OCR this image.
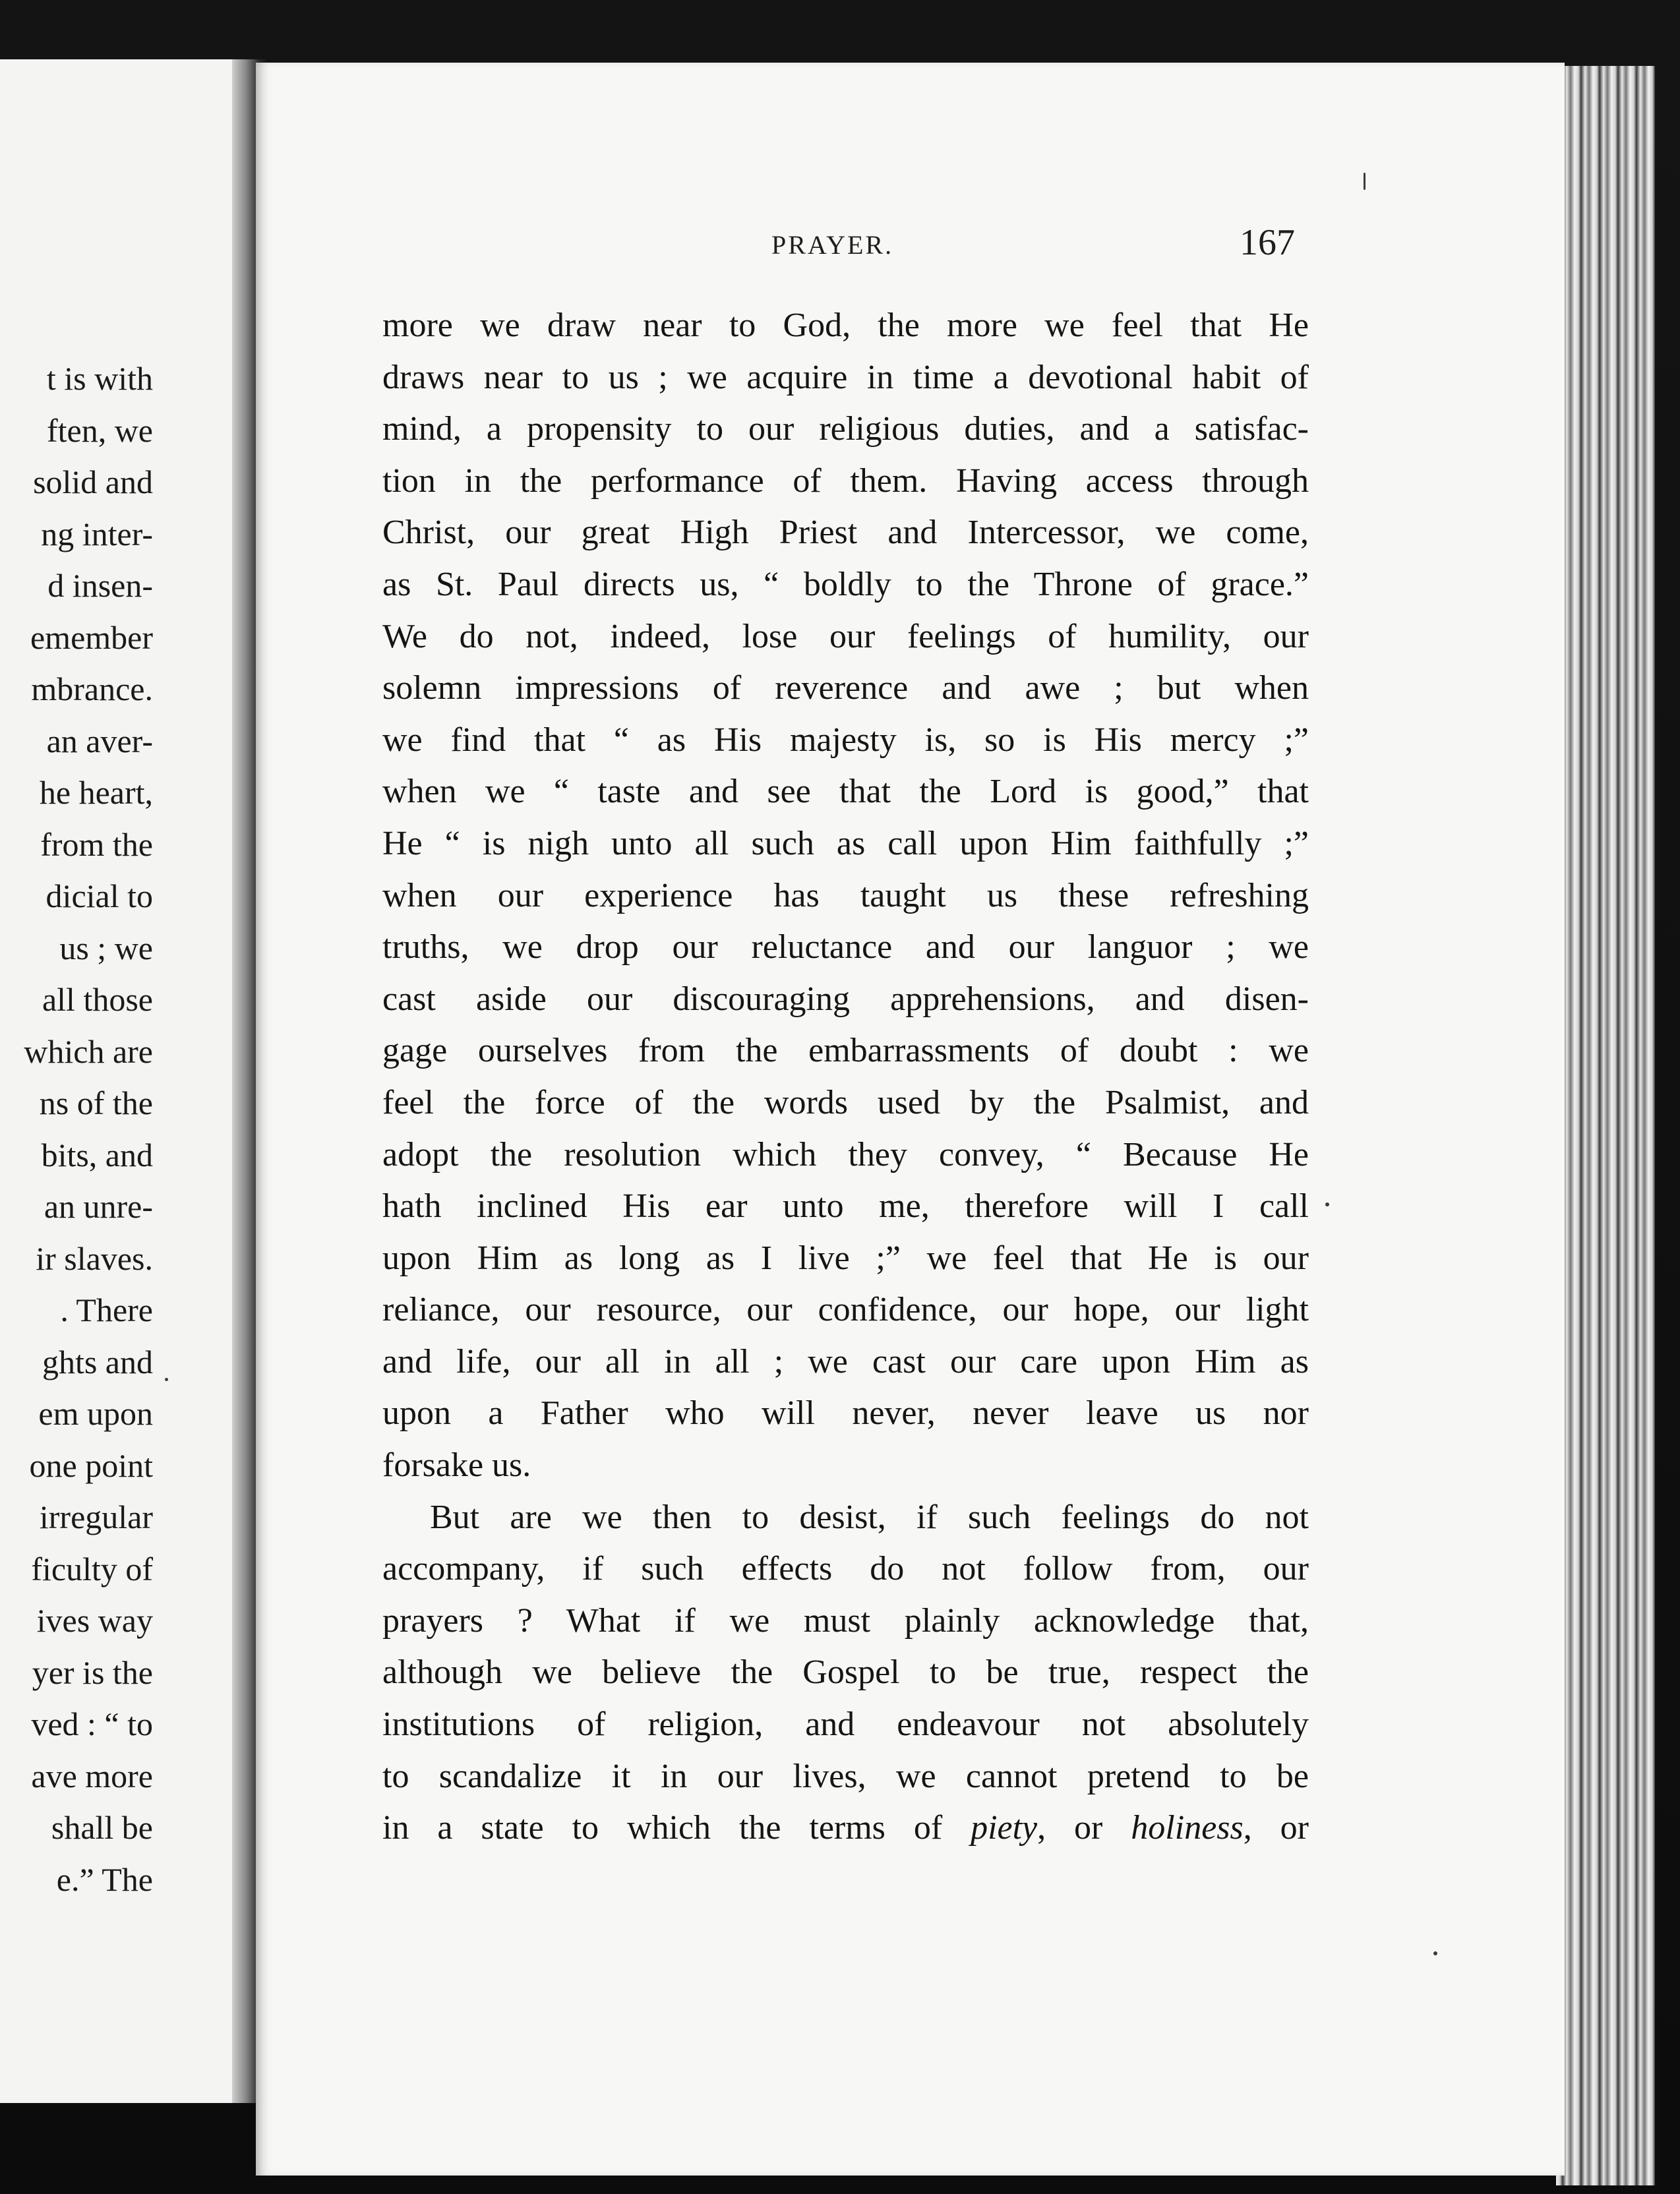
t is with
ften, we
solid and
ng inter-
d insen-
emember
mbrance.
an aver-
he heart,
from the
dicial to
us ; we
all those
which are
ns of the
bits, and
an unre-
ir slaves.
. There
ghts and
em upon
one point
irregular
ficulty of
ives way
yer is the
ved : “ to
ave more
shall be
e.” The
PRAYER.	167
more we draw near to God, the more we feel that He
draws near to us ; we acquire in time a devotional habit of
mind, a propensity to our religious duties, and a satisfac-
tion in the performance of them. Having access through
Christ, our great High Priest and Intercessor, we come,
as St. Paul directs us, “ boldly to the Throne of grace.”
We do not, indeed, lose our feelings of humility, our
solemn impressions of reverence and awe ; but when
we find that “ as His majesty is, so is His mercy ;”
when we “ taste and see that the Lord is good,” that
He “ is nigh unto all such as call upon Him faithfully ;”
when our experience has taught us these refreshing
truths, we drop our reluctance and our languor ; we
cast aside our discouraging apprehensions, and disen-
gage ourselves from the embarrassments of doubt : we
feel the force of the words used by the Psalmist, and
adopt the resolution which they convey, “ Because He
hath inclined His ear unto me, therefore will I call
upon Him as long as I live ;” we feel that He is our
reliance, our resource, our confidence, our hope, our light
and life, our all in all ; we cast our care upon Him as
upon a Father who will never, never leave us nor
forsake us.
But are we then to desist, if such feelings do not
accompany, if such effects do not follow from, our
prayers ? What if we must plainly acknowledge that,
although we believe the Gospel to be true, respect the
institutions of religion, and endeavour not absolutely
to scandalize it in our lives, we cannot pretend to be
in a state to which the terms of piety, or holiness, or
